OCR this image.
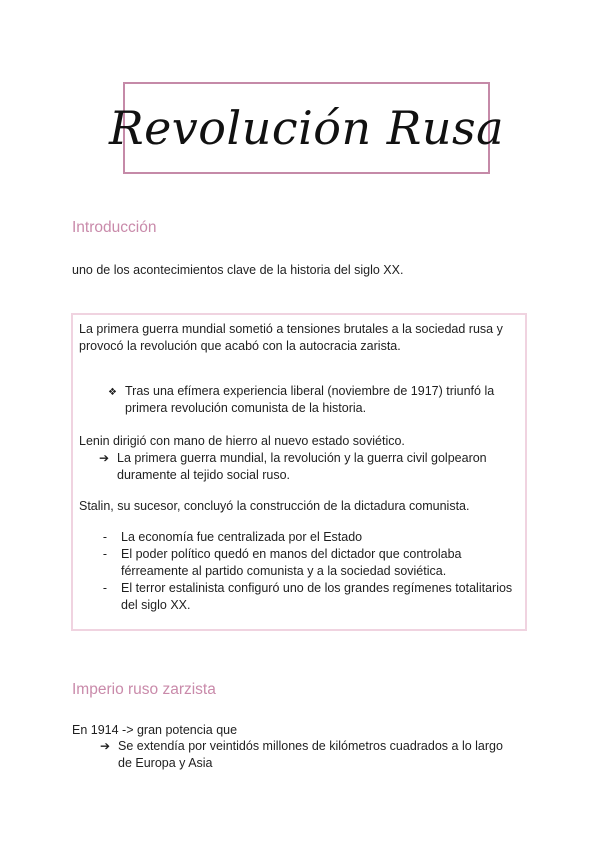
Revolución Rusa
Introducción

uno de los acontecimientos clave de la historia del siglo XX.

La primera guerra mundial sometió a tensiones brutales a la sociedad rusa y provocó la revolución que acabó con la autocracia zarista.

❖ Tras una efímera experiencia liberal (noviembre de 1917) triunfó la primera revolución comunista de la historia.

Lenin dirigió con mano de hierro al nuevo estado soviético.

➔ La primera guerra mundial, la revolución y la guerra civil golpearon duramente al tejido social ruso.

Stalin, su sucesor, concluyó la construcción de la dictadura comunista.

-	La economía fue centralizada por el Estado
-	El poder político quedó en manos del dictador que controlaba férreamente al partido comunista y a la sociedad soviética.
-	El terror estalinista configuró uno de los grandes regímenes totalitarios del siglo XX.
Imperio ruso zarzista

En 1914 -> gran potencia que

➔ Se extendía por veintidós millones de kilómetros cuadrados a lo largo de Europa y Asia
